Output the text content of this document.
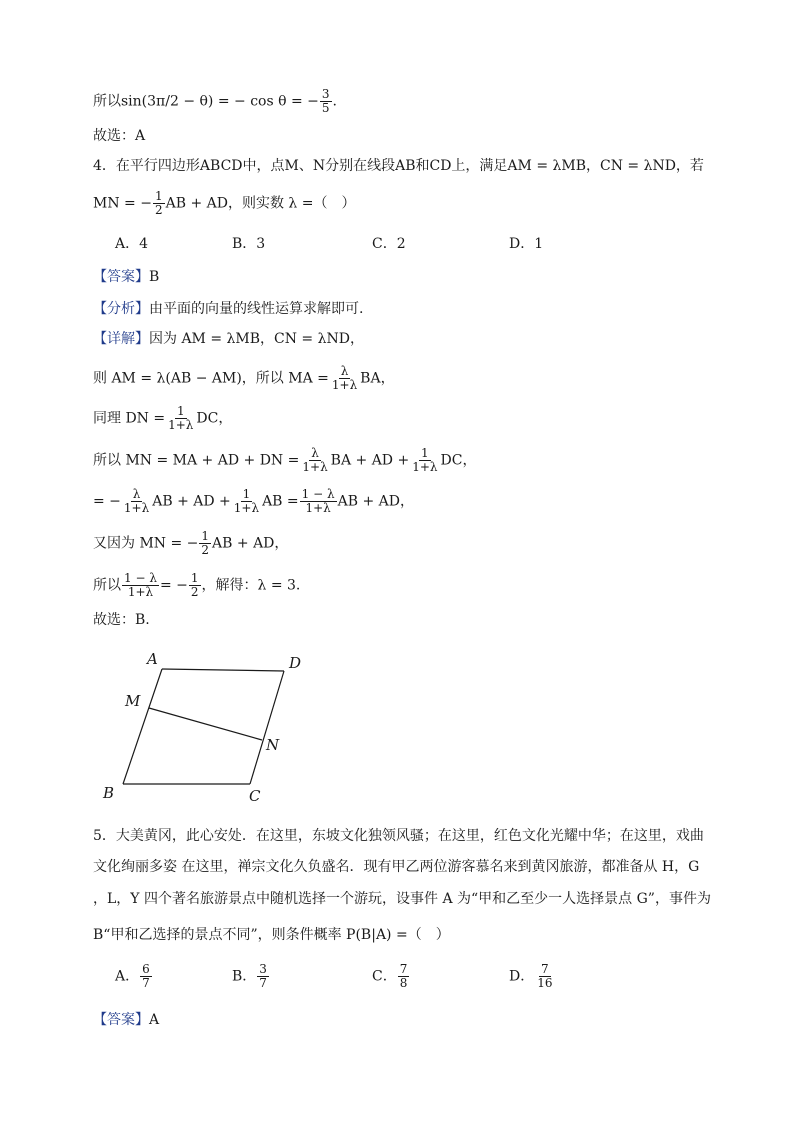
所以sin(3π/2 − θ) = − cos θ = − $\frac{3}{5}$ .
故选：A
4．在平行四边形ABCD中，点M、N分别在线段AB和CD上，满足AM = λMB，CN = λND，若
MN = − $\frac{1}{2}$ AB + AD，则实数 λ =（　）
A．4	B．3	C．2	D．1
【答案】B
【分析】由平面的向量的线性运算求解即可.
【详解】因为 AM = λMB，CN = λND，
则 AM = λ(AB − AM)，所以 MA = $\frac{\lambda}{1+\lambda}$ BA，
同理 DN = $\frac{1}{1+\lambda}$ DC，
所以 MN = MA + AD + DN = $\frac{\lambda}{1+\lambda}$ BA + AD + $\frac{1}{1+\lambda}$ DC，
= − $\frac{\lambda}{1+\lambda}$ AB + AD + $\frac{1}{1+\lambda}$ AB = $\frac{1 - \lambda}{1+\lambda}$ AB + AD，
又因为 MN = − $\frac{1}{2}$ AB + AD，
所以 $\frac{1 - \lambda}{1+\lambda}$ = − $\frac{1}{2}$ ，解得：λ = 3.
故选：B.
A	D
M
N
B	C
5．大美黄冈，此心安处．在这里，东坡文化独领风骚；在这里，红色文化光耀中华；在这里，戏曲
文化绚丽多姿 在这里，禅宗文化久负盛名．现有甲乙两位游客慕名来到黄冈旅游，都准备从 H，G
，L，Y 四个著名旅游景点中随机选择一个游玩，设事件 A 为“甲和乙至少一人选择景点 G”，事件为
B“甲和乙选择的景点不同”，则条件概率 P(B|A) =（　）
A． $\frac{6}{7}$	B． $\frac{3}{7}$	C． $\frac{7}{8}$	D． $\frac{7}{16}$
【答案】A
